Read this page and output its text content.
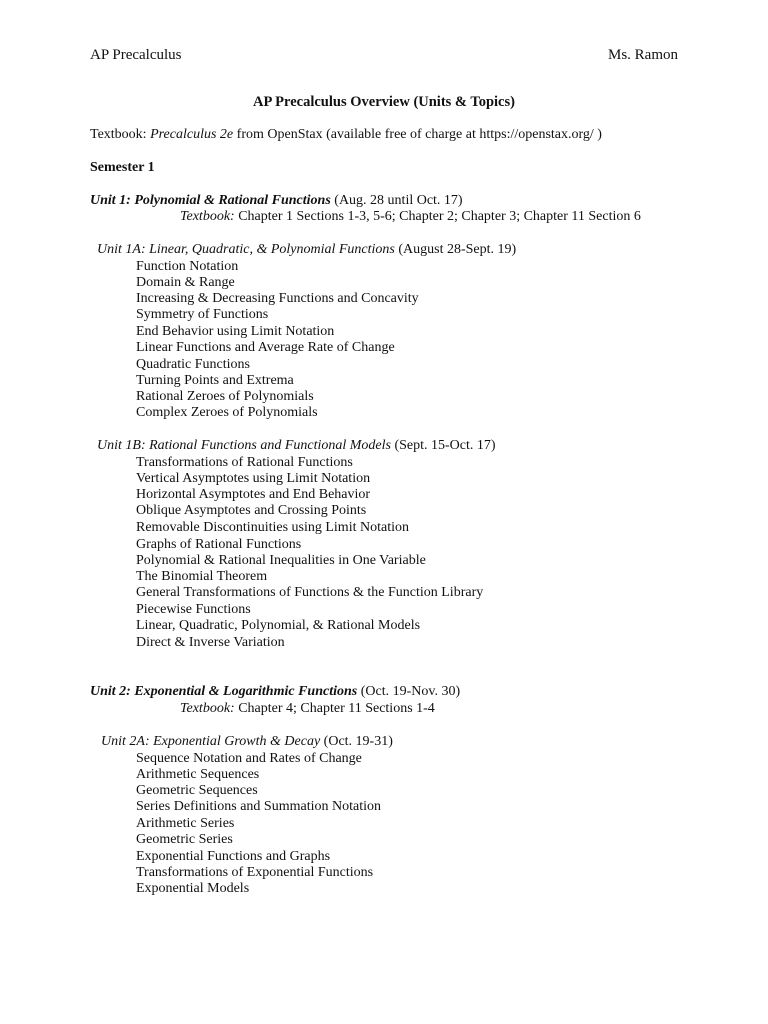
AP Precalculus	Ms. Ramon
AP Precalculus Overview (Units & Topics)
Textbook: Precalculus 2e from OpenStax (available free of charge at https://openstax.org/ )
Semester 1
Unit 1: Polynomial & Rational Functions (Aug. 28 until Oct. 17)
Textbook: Chapter 1 Sections 1-3, 5-6; Chapter 2; Chapter 3; Chapter 11 Section 6
Unit 1A: Linear, Quadratic, & Polynomial Functions (August 28-Sept. 19)
Function Notation
Domain & Range
Increasing & Decreasing Functions and Concavity
Symmetry of Functions
End Behavior using Limit Notation
Linear Functions and Average Rate of Change
Quadratic Functions
Turning Points and Extrema
Rational Zeroes of Polynomials
Complex Zeroes of Polynomials
Unit 1B: Rational Functions and Functional Models (Sept. 15-Oct. 17)
Transformations of Rational Functions
Vertical Asymptotes using Limit Notation
Horizontal Asymptotes and End Behavior
Oblique Asymptotes and Crossing Points
Removable Discontinuities using Limit Notation
Graphs of Rational Functions
Polynomial & Rational Inequalities in One Variable
The Binomial Theorem
General Transformations of Functions & the Function Library
Piecewise Functions
Linear, Quadratic, Polynomial, & Rational Models
Direct & Inverse Variation
Unit 2: Exponential & Logarithmic Functions (Oct. 19-Nov. 30)
Textbook: Chapter 4; Chapter 11 Sections 1-4
Unit 2A: Exponential Growth & Decay (Oct. 19-31)
Sequence Notation and Rates of Change
Arithmetic Sequences
Geometric Sequences
Series Definitions and Summation Notation
Arithmetic Series
Geometric Series
Exponential Functions and Graphs
Transformations of Exponential Functions
Exponential Models
